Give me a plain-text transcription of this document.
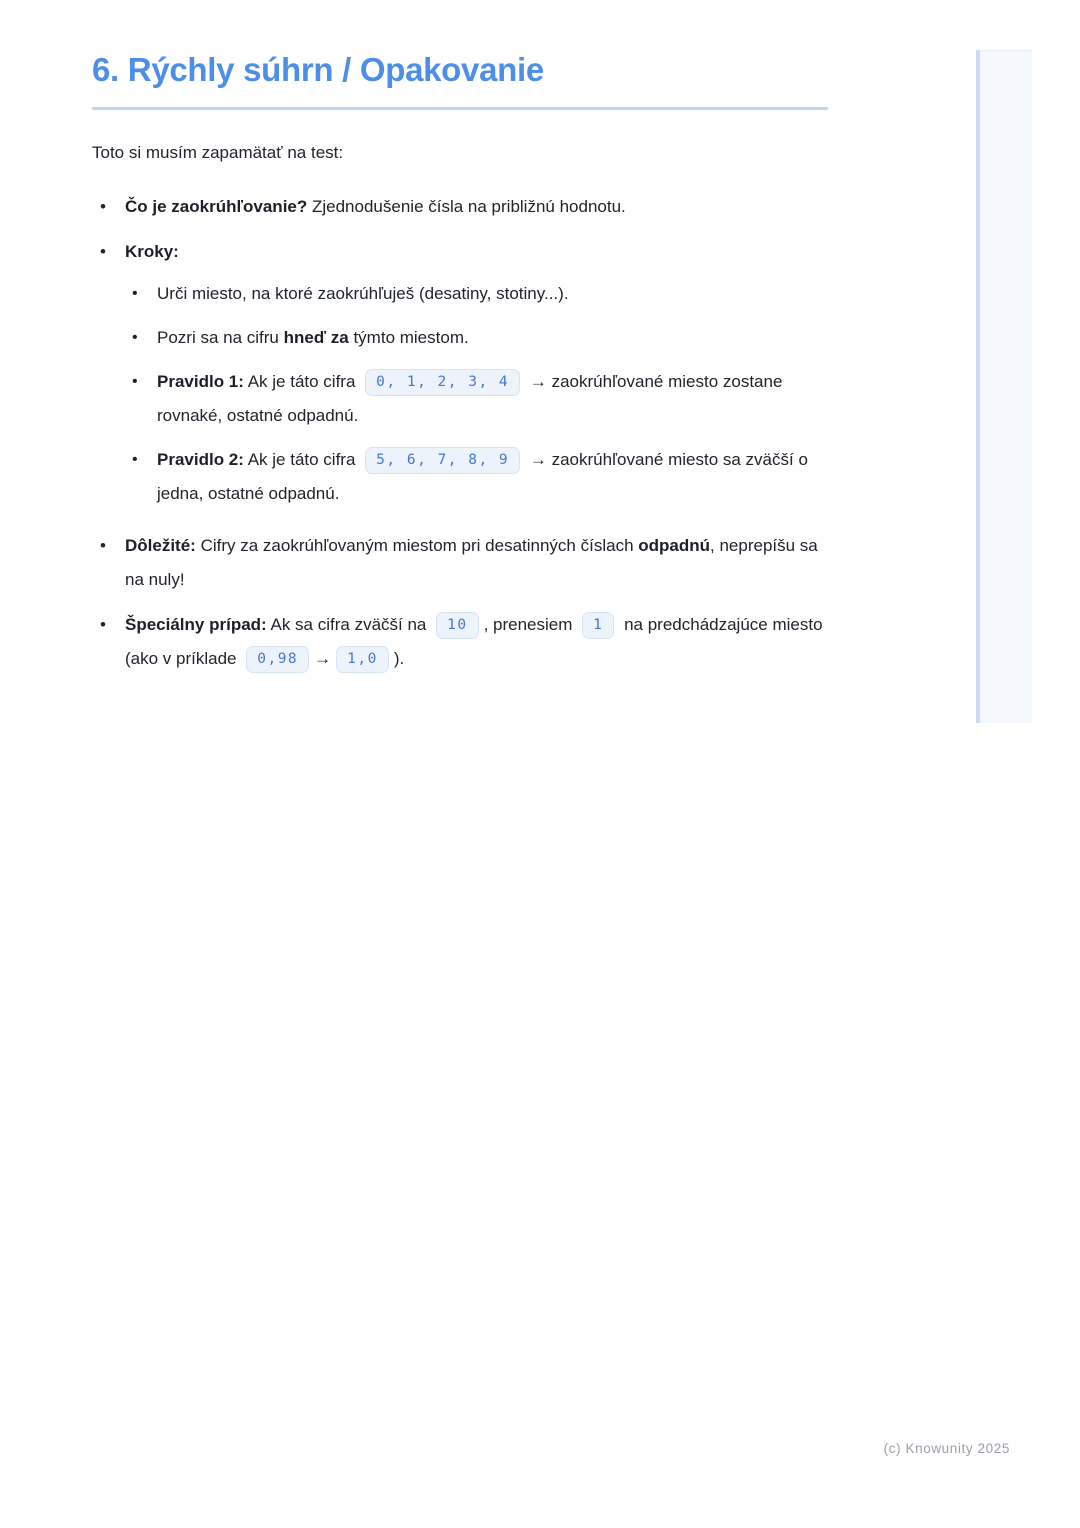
6. Rýchly súhrn / Opakovanie

Toto si musím zapamätať na test:

• Čo je zaokrúhľovanie? Zjednodušenie čísla na približnú hodnotu.
• Kroky:
• Urči miesto, na ktoré zaokrúhľuješ (desatiny, stotiny...).
• Pozri sa na cifru hneď za týmto miestom.
• Pravidlo 1: Ak je táto cifra 0, 1, 2, 3, 4 → zaokrúhľované miesto zostane rovnaké, ostatné odpadnú.
• Pravidlo 2: Ak je táto cifra 5, 6, 7, 8, 9 → zaokrúhľované miesto sa zväčší o jedna, ostatné odpadnú.
• Dôležité: Cifry za zaokrúhľovaným miestom pri desatinných číslach odpadnú, neprepíšu sa na nuly!
• Špeciálny prípad: Ak sa cifra zväčší na 10 , prenesiem 1 na predchádzajúce miesto (ako v príklade 0,98 → 1,0 ).
(c) Knowunity 2025
